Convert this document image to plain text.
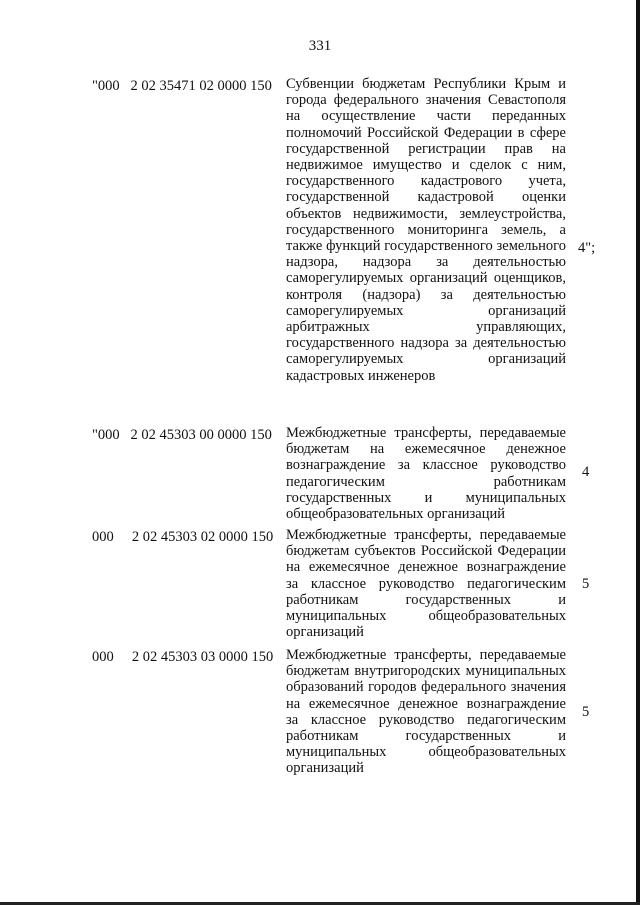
331
"000   2 02 35471 02 0000 150 Субвенции бюджетам Республики Крым и города федерального значения Севастополя на осуществление части переданных полномочий Российской Федерации в сфере государственной регистрации прав на недвижимое имущество и сделок с ним, государственного кадастрового учета, государственной кадастровой оценки объектов недвижимости, землеустройства, государственного мониторинга земель, а также функций государственного земельного надзора, надзора за деятельностью саморегулируемых организаций оценщиков, контроля (надзора) за деятельностью саморегулируемых организаций арбитражных управляющих, государственного надзора за деятельностью саморегулируемых организаций кадастровых инженеров
4";
"000   2 02 45303 00 0000 150 Межбюджетные трансферты, передаваемые бюджетам на ежемесячное денежное вознаграждение за классное руководство педагогическим работникам государственных и муниципальных общеобразовательных организаций
4
000     2 02 45303 02 0000 150 Межбюджетные трансферты, передаваемые бюджетам субъектов Российской Федерации на ежемесячное денежное вознаграждение за классное руководство педагогическим работникам государственных и муниципальных общеобразовательных организаций
5
000     2 02 45303 03 0000 150 Межбюджетные трансферты, передаваемые бюджетам внутригородских муниципальных образований городов федерального значения на ежемесячное денежное вознаграждение за классное руководство педагогическим работникам государственных и муниципальных общеобразовательных организаций
5
